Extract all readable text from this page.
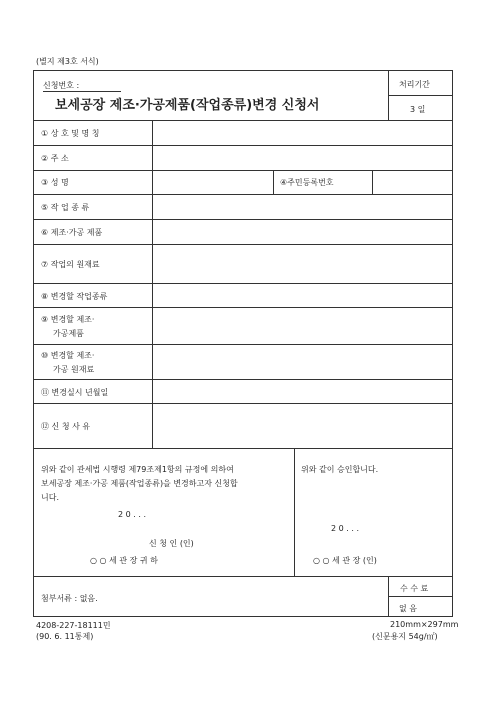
(별지 제3호 서식)
신청번호 :
보세공장 제조·가공제품(작업종류)변경 신청서
처리기간
3 일
① 상 호 및 명 칭
② 주 소
③ 성 명	④주민등록번호
⑤ 작 업 종 류
⑥ 제조·가공 제품
⑦ 작업의 원재료
⑧ 변경할 작업종류
⑨ 변경할 제조·
가공제품
⑩ 변경할 제조·
가공 원재료
⑪ 변경실시 년월일
⑫ 신 청 사 유
위와 같이 관세법 시행령 제79조제1항의 규정에 의하여
보세공장 제조·가공 제품(작업종류)을 변경하고자 신청합
니다.
2 0 . . .
신 청 인 (인)
○ ○ 세 관 장 귀 하
위와 같이 승인합니다.
2 0 . . .
○ ○ 세 관 장 (인)
첨부서류 : 없음.
수 수 료
없 음
4208-227-18111민
(90. 6. 11통제)
210mm×297mm
(신문용지 54g/㎡)
